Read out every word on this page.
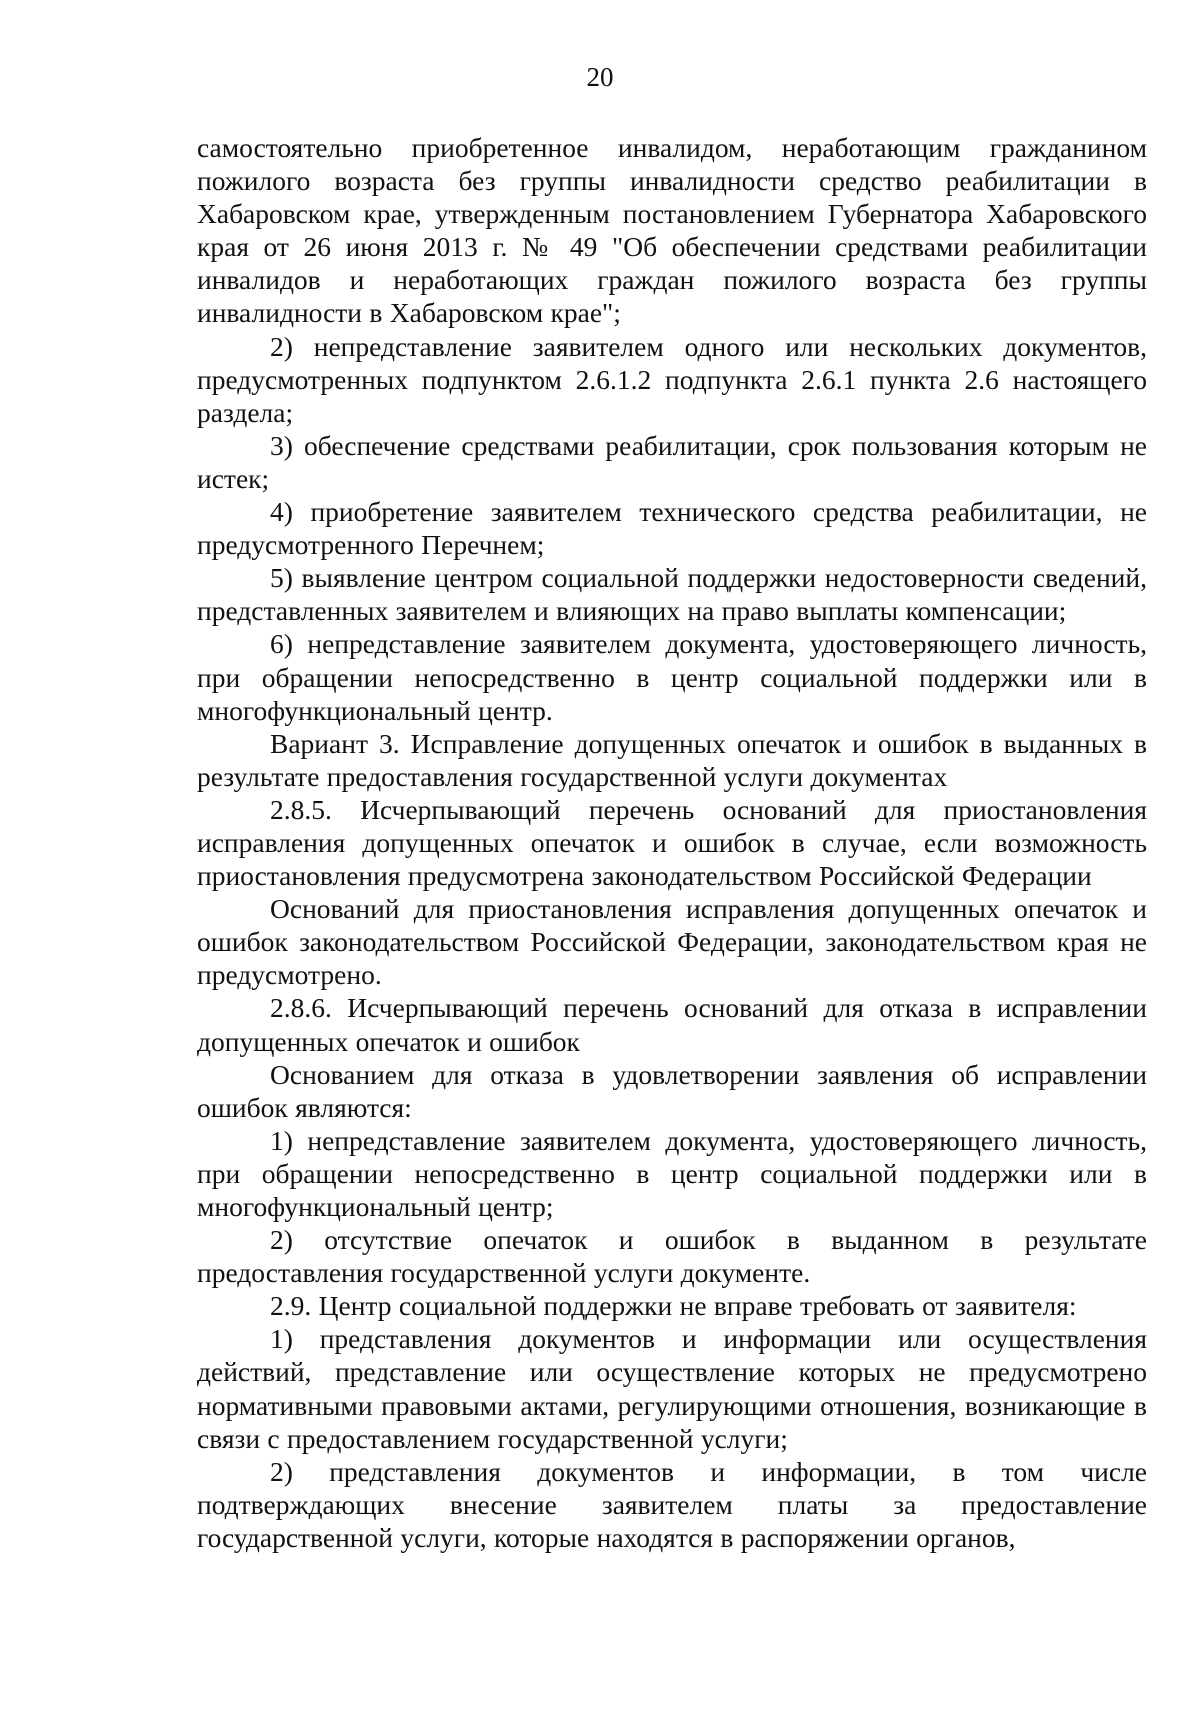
20

самостоятельно приобретенное инвалидом, неработающим гражданином пожилого возраста без группы инвалидности средство реабилитации в Хабаровском крае, утвержденным постановлением Губернатора Хабаровского края от 26 июня 2013 г. № 49 "Об обеспечении средствами реабилитации инвалидов и неработающих граждан пожилого возраста без группы инвалидности в Хабаровском крае";

2) непредставление заявителем одного или нескольких документов, предусмотренных подпунктом 2.6.1.2 подпункта 2.6.1 пункта 2.6 настоящего раздела;

3) обеспечение средствами реабилитации, срок пользования которым не истек;

4) приобретение заявителем технического средства реабилитации, не предусмотренного Перечнем;

5) выявление центром социальной поддержки недостоверности сведений, представленных заявителем и влияющих на право выплаты компенсации;

6) непредставление заявителем документа, удостоверяющего личность, при обращении непосредственно в центр социальной поддержки или в многофункциональный центр.

Вариант 3. Исправление допущенных опечаток и ошибок в выданных в результате предоставления государственной услуги документах

2.8.5. Исчерпывающий перечень оснований для приостановления исправления допущенных опечаток и ошибок в случае, если возможность приостановления предусмотрена законодательством Российской Федерации

Оснований для приостановления исправления допущенных опечаток и ошибок законодательством Российской Федерации, законодательством края не предусмотрено.

2.8.6. Исчерпывающий перечень оснований для отказа в исправлении допущенных опечаток и ошибок

Основанием для отказа в удовлетворении заявления об исправлении ошибок являются:

1) непредставление заявителем документа, удостоверяющего личность, при обращении непосредственно в центр социальной поддержки или в многофункциональный центр;

2) отсутствие опечаток и ошибок в выданном в результате предоставления государственной услуги документе.

2.9. Центр социальной поддержки не вправе требовать от заявителя:

1) представления документов и информации или осуществления действий, представление или осуществление которых не предусмотрено нормативными правовыми актами, регулирующими отношения, возникающие в связи с предоставлением государственной услуги;

2) представления документов и информации, в том числе подтверждающих внесение заявителем платы за предоставление государственной услуги, которые находятся в распоряжении органов,
